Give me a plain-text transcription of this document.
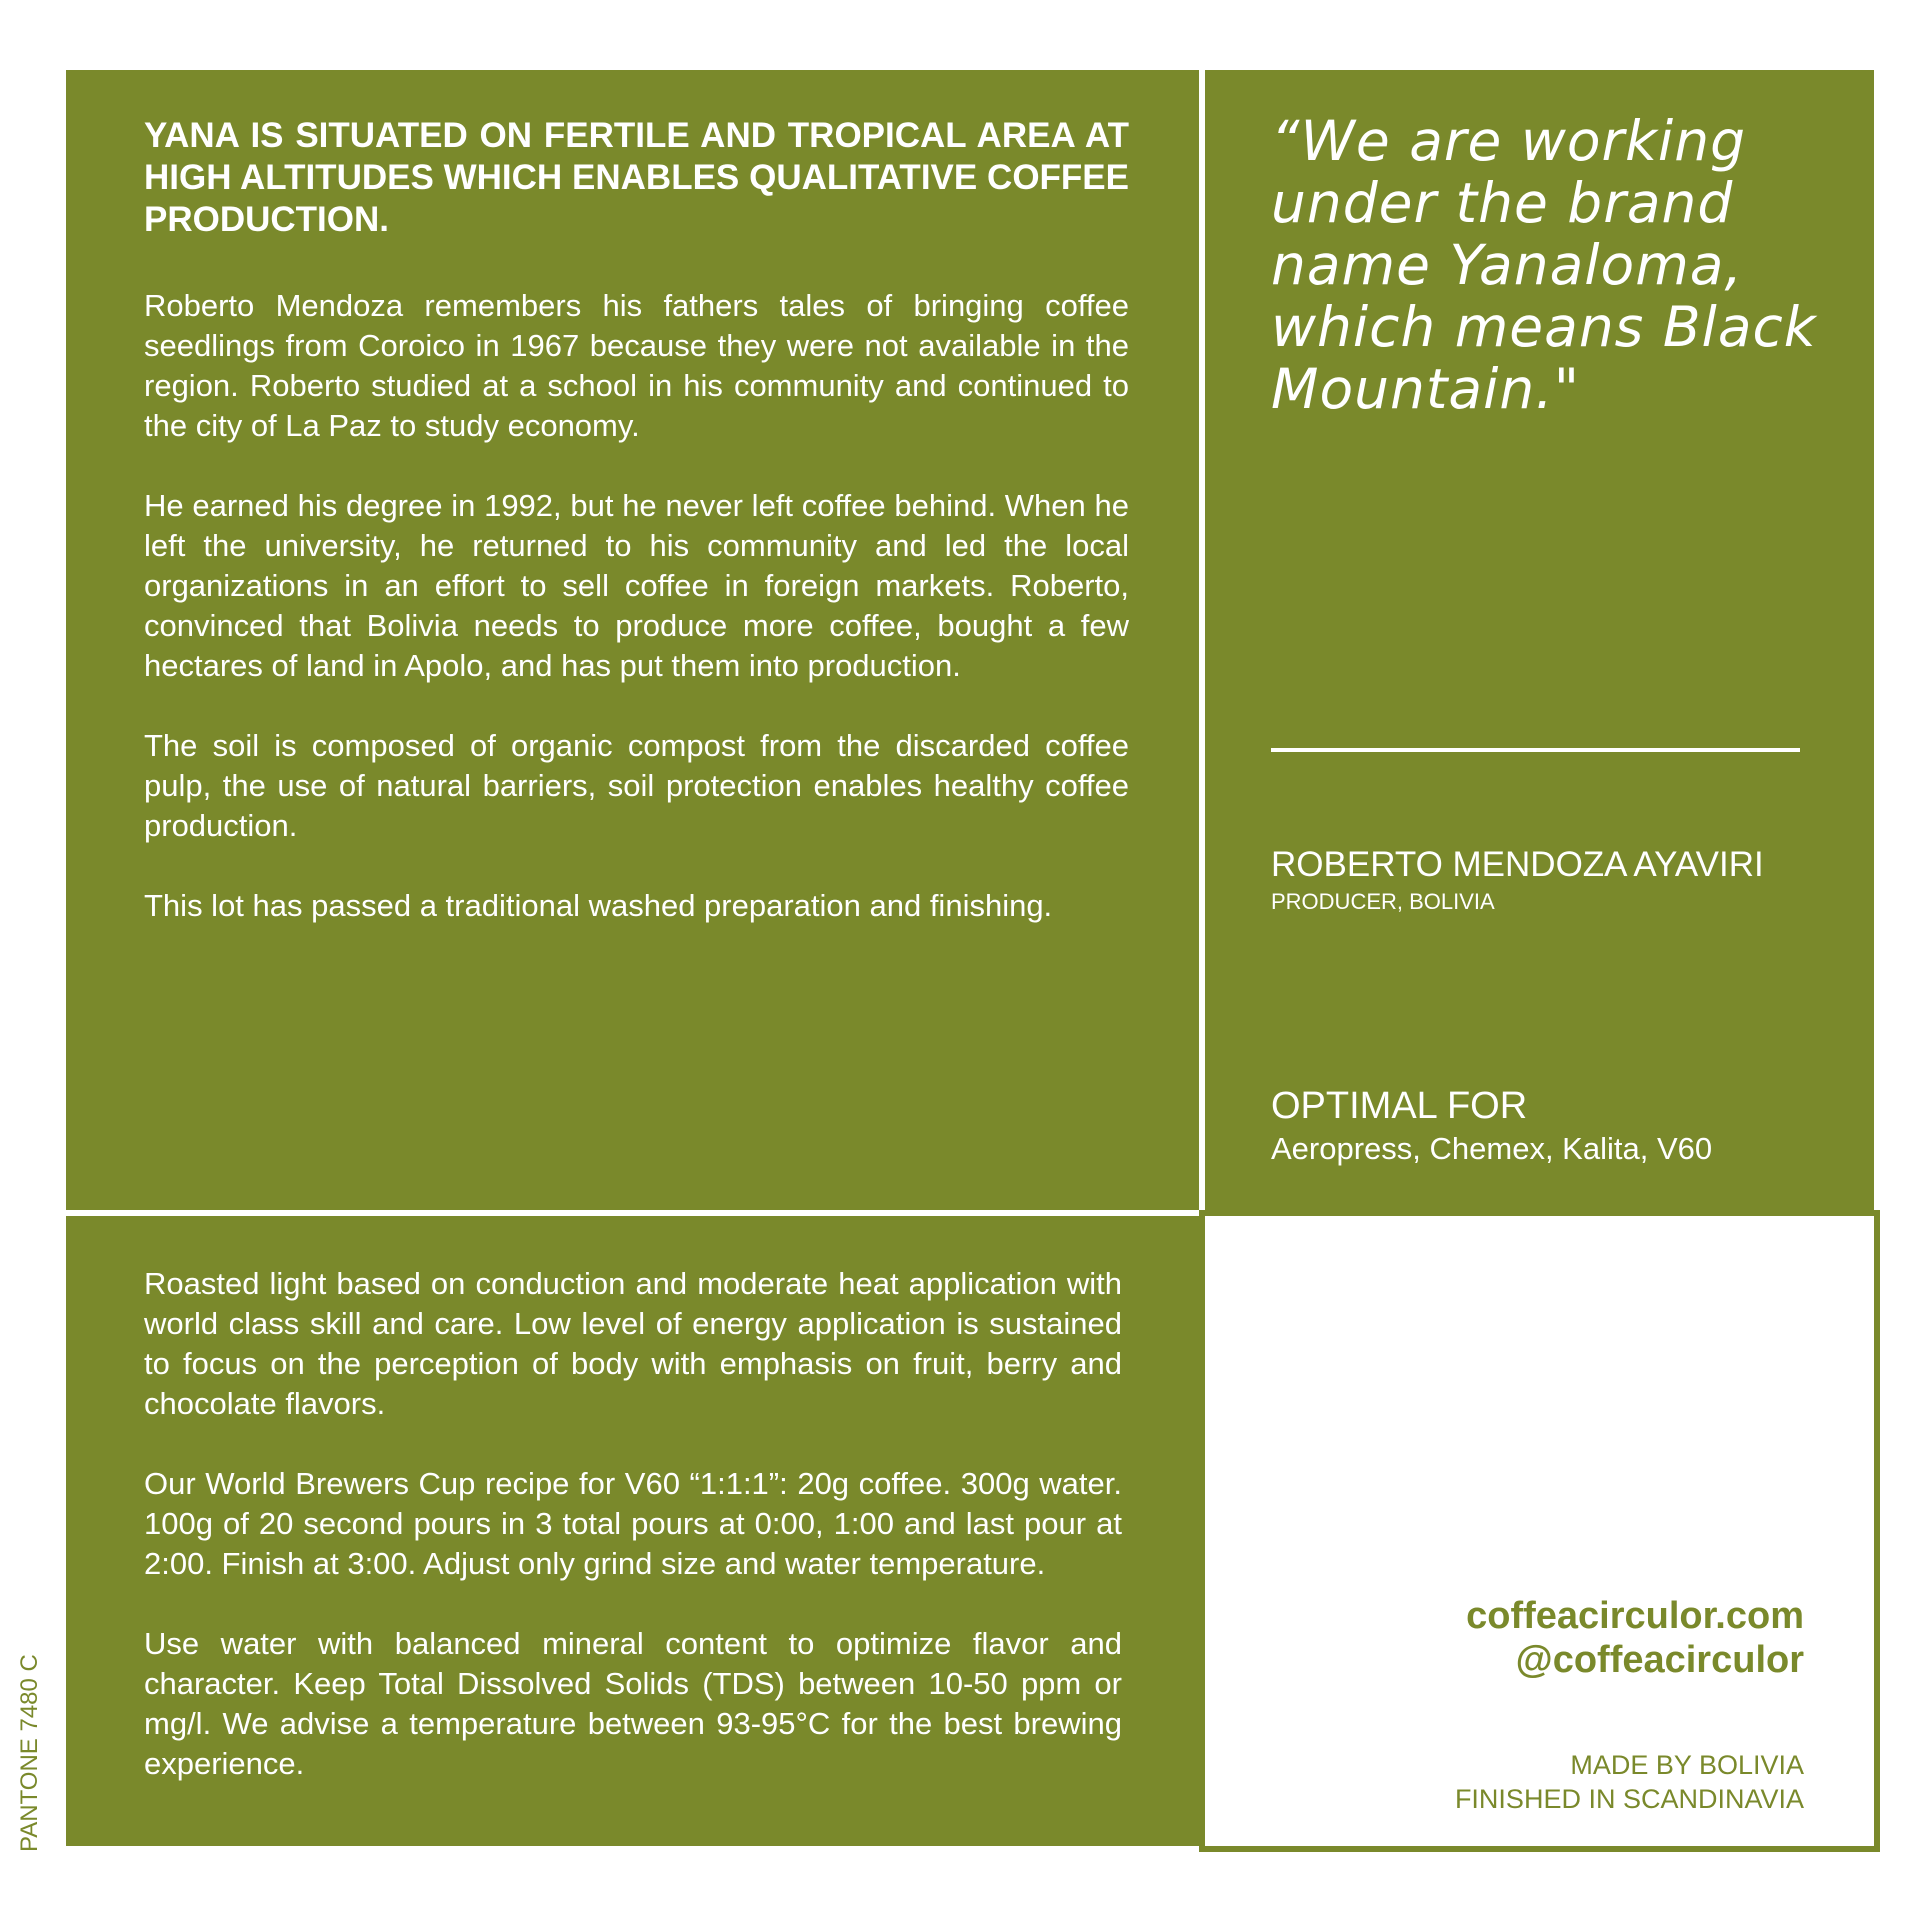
YANA IS SITUATED ON FERTILE AND TROPICAL AREA AT HIGH ALTITUDES WHICH ENABLES QUALITATIVE COFFEE PRODUCTION.

Roberto Mendoza remembers his fathers tales of bringing coffee seedlings from Coroico in 1967 because they were not available in the region. Roberto studied at a school in his community and continued to the city of La Paz to study economy.

He earned his degree in 1992, but he never left coffee behind. When he left the university, he returned to his community and led the local organizations in an effort to sell coffee in foreign markets. Roberto, convinced that Bolivia needs to produce more coffee, bought a few hectares of land in Apolo, and has put them into production.

The soil is composed of organic compost from the discarded coffee pulp, the use of natural barriers, soil protection enables healthy coffee production.

This lot has passed a traditional washed preparation and finishing.

“We are working under the brand name Yanaloma, which means Black Mountain."

ROBERTO MENDOZA AYAVIRI

PRODUCER, BOLIVIA

OPTIMAL FOR

Aeropress, Chemex, Kalita, V60

Roasted light based on conduction and moderate heat application with world class skill and care. Low level of energy application is sustained to focus on the perception of body with emphasis on fruit, berry and chocolate flavors.

Our World Brewers Cup recipe for V60 “1:1:1”: 20g coffee. 300g water. 100g of 20 second pours in 3 total pours at 0:00, 1:00 and last pour at 2:00. Finish at 3:00. Adjust only grind size and water temperature.

Use water with balanced mineral content to optimize flavor and character. Keep Total Dissolved Solids (TDS) between 10-50 ppm or mg/l. We advise a temperature between 93-95°C for the best brewing experience.

coffeacirculor.com

@coffeacirculor

MADE BY BOLIVIA

FINISHED IN SCANDINAVIA

PANTONE 7480 C
